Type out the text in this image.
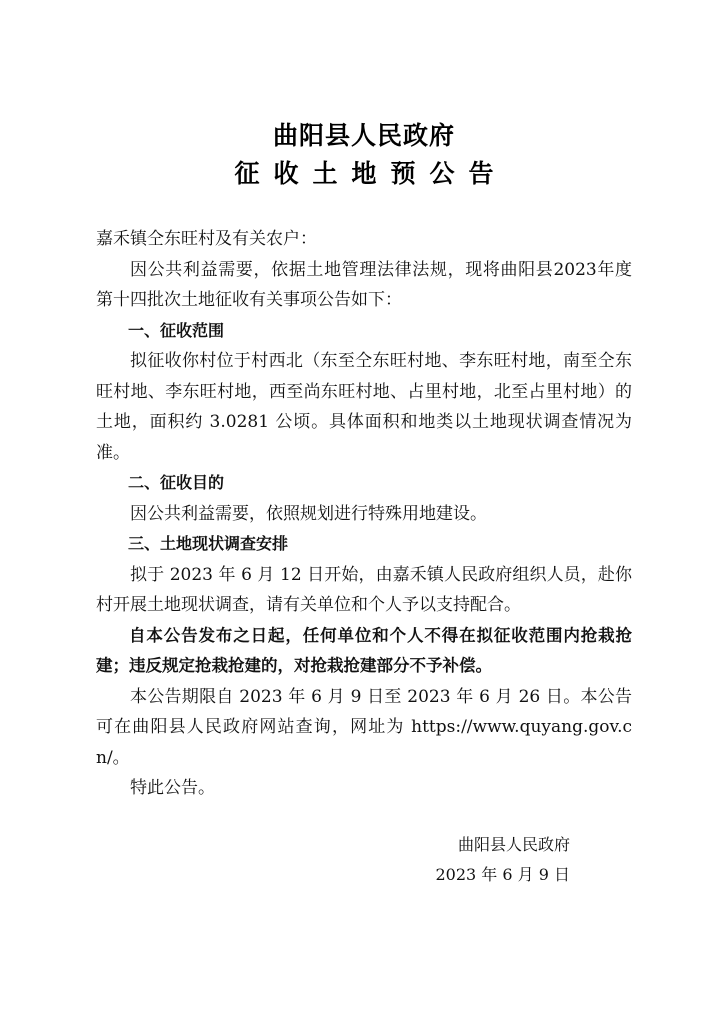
曲阳县人民政府
征收土地预公告

嘉禾镇仝东旺村及有关农户：

因公共利益需要，依据土地管理法律法规，现将曲阳县2023年度第十四批次土地征收有关事项公告如下：

一、征收范围

拟征收你村位于村西北（东至仝东旺村地、李东旺村地，南至仝东旺村地、李东旺村地，西至尚东旺村地、占里村地，北至占里村地）的土地，面积约 3.0281 公顷。具体面积和地类以土地现状调查情况为准。

二、征收目的

因公共利益需要，依照规划进行特殊用地建设。

三、土地现状调查安排

拟于 2023 年 6 月 12 日开始，由嘉禾镇人民政府组织人员，赴你村开展土地现状调查，请有关单位和个人予以支持配合。

自本公告发布之日起，任何单位和个人不得在拟征收范围内抢栽抢建；违反规定抢栽抢建的，对抢栽抢建部分不予补偿。

本公告期限自 2023 年 6 月 9 日至 2023 年 6 月 26 日。本公告可在曲阳县人民政府网站查询，网址为 https://www.quyang.gov.cn/。

特此公告。

曲阳县人民政府
2023 年 6 月 9 日
